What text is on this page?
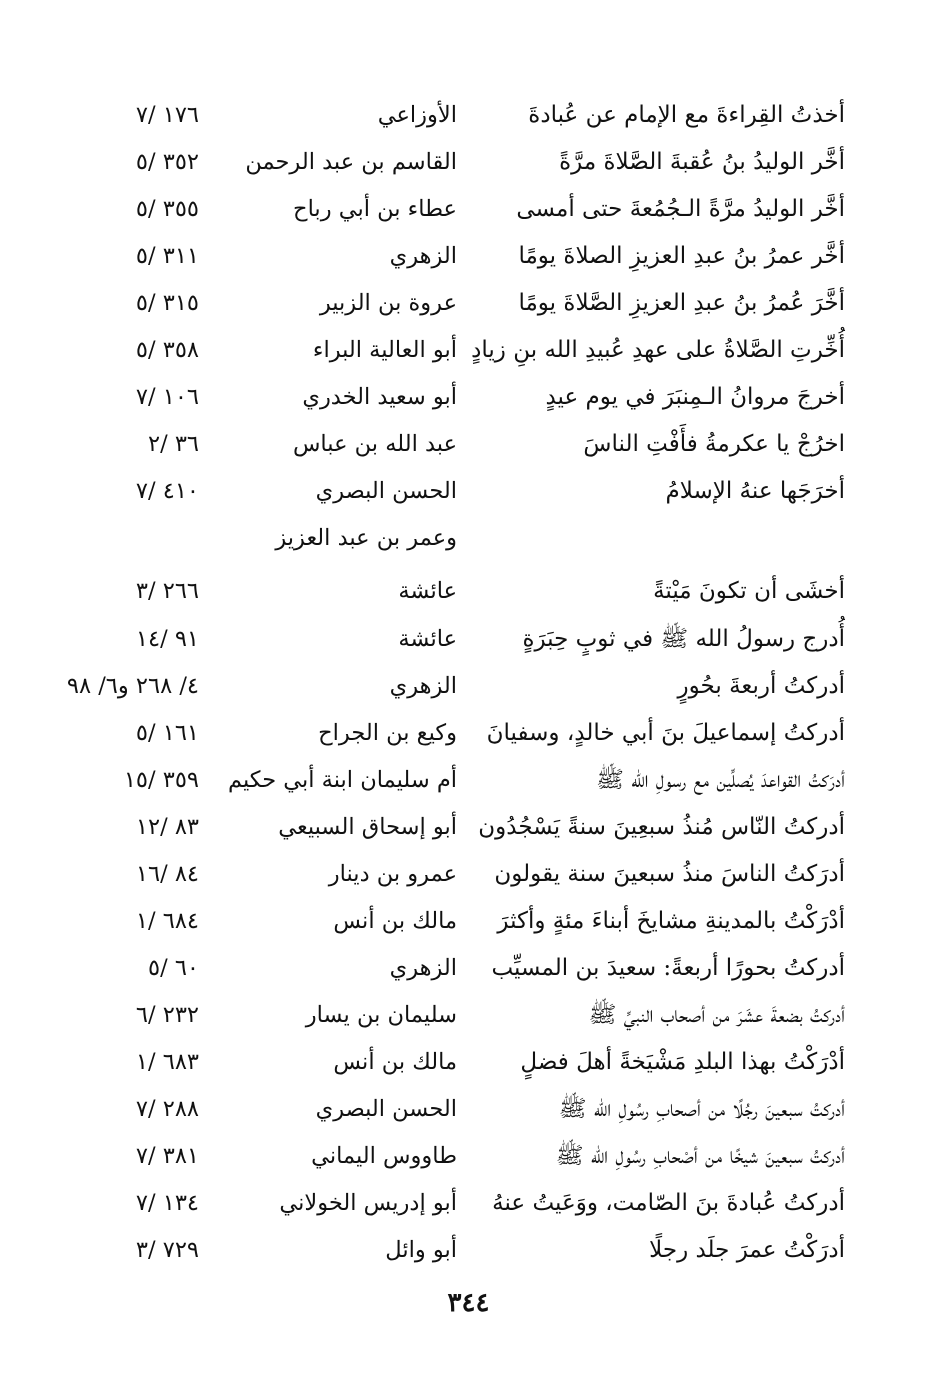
أخذتُ القِراءةَ مع الإمام عن عُبادةَ
الأوزاعي
١٧٦ /٧
أخَّر الوليدُ بنُ عُقبةَ الصَّلاةَ مرَّةً
القاسم بن عبد الرحمن
٣٥٢ /٥
أخَّر الوليدُ مرَّةً الـجُمُعةَ حتى أمسى
عطاء بن أبي رباح
٣٥٥ /٥
أخَّر عمرُ بنُ عبدِ العزيزِ الصلاةَ يومًا
الزهري
٣١١ /٥
أخَّرَ عُمرُ بنُ عبدِ العزيزِ الصَّلاةَ يومًا
عروة بن الزبير
٣١٥ /٥
أُخِّرتِ الصَّلاةُ على عهدِ عُبيدِ الله بنِ زيادٍ
أبو العالية البراء
٣٥٨ /٥
أخرجَ مروانُ الـمِنبَرَ في يوم عيدٍ
أبو سعيد الخدري
١٠٦ /٧
اخرُجْ يا عكرمةُ فأَفْتِ الناسَ
عبد الله بن عباس
٣٦ /٢
أخرَجَها عنهُ الإسلامُ
الحسن البصري
٤١٠ /٧
وعمر بن عبد العزيز
أخشَى أن تكونَ مَيْتةً
عائشة
٢٦٦ /٣
أُدرج رسولُ الله ﷺ في ثوبٍ حِبَرَةٍ
عائشة
٩١ /١٤
أدركتُ أربعةَ بحُورٍ
الزهري
٤/ ٢٦٨ و٦/ ٩٨
أدركتُ إسماعيلَ بنَ أبي خالدٍ، وسفيانَ
وكيع بن الجراح
١٦١ /٥
أدرَكتُ القواعدَ يُصلِّين مع رسولِ الله ﷺ
أم سليمان ابنة أبي حكيم
٣٥٩ /١٥
أدركتُ النّاس مُنذُ سبعِينَ سنةً يَسْجُدُون
أبو إسحاق السبيعي
٨٣ /١٢
أدرَكتُ الناسَ منذُ سبعينَ سنة يقولون
عمرو بن دينار
٨٤ /١٦
أدْرَكْتُ بالمدينةِ مشايخَ أبناءَ مئةٍ وأكثرَ
مالك بن أنس
٦٨٤ /١
أدركتُ بحورًا أربعةً: سعيدَ بن المسيِّب
الزهري
٦٠ /٥
أدركتُ بضعةَ عشَرَ من أصحاب النبيِّ ﷺ
سليمان بن يسار
٢٣٢ /٦
أدْرَكْتُ بهذا البلدِ مَشْيَخةً أهلَ فضلٍ
مالك بن أنس
٦٨٣ /١
أدركتُ سبعينَ رجُلًا من أصحابِ رسُولِ الله ﷺ
الحسن البصري
٢٨٨ /٧
أدركتُ سبعينَ شيخًا من أصْحابِ رسُولِ الله ﷺ
طاووس اليماني
٣٨١ /٧
أدركتُ عُبادةَ بنَ الصّامت، ووَعَيتُ عنهُ
أبو إدريس الخولاني
١٣٤ /٧
أدرَكْتُ عمرَ جلَد رجلًا
أبو وائل
٧٢٩ /٣
٣٤٤
